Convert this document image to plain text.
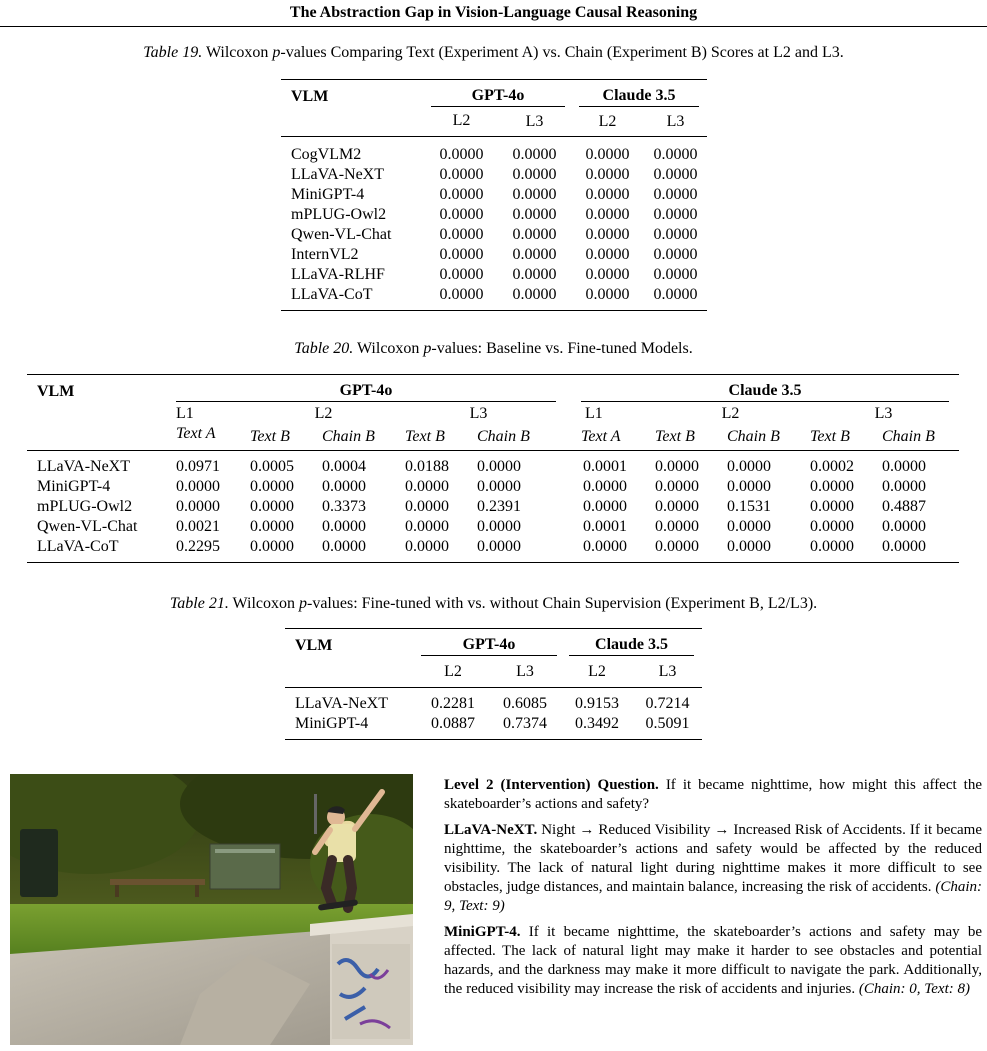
The Abstraction Gap in Vision-Language Causal Reasoning
Table 19. Wilcoxon p-values Comparing Text (Experiment A) vs. Chain (Experiment B) Scores at L2 and L3.
VLM	GPT-4o		Claude 3.5	

	L2	L3	L2	L3
CogVLM2	0.0000	0.0000	0.0000	0.0000
LLaVA-NeXT	0.0000	0.0000	0.0000	0.0000
MiniGPT-4	0.0000	0.0000	0.0000	0.0000
mPLUG-Owl2	0.0000	0.0000	0.0000	0.0000
Qwen-VL-Chat	0.0000	0.0000	0.0000	0.0000
InternVL2	0.0000	0.0000	0.0000	0.0000
LLaVA-RLHF	0.0000	0.0000	0.0000	0.0000
LLaVA-CoT	0.0000	0.0000	0.0000	0.0000
Table 20. Wilcoxon p-values: Baseline vs. Fine-tuned Models.
VLM	GPT-4o						Claude 3.5				

	L1	L2		L3			L1	L2		L3	
	Text A	Text B	Chain B	Text B	Chain B		Text A	Text B	Chain B	Text B	Chain B
LLaVA-NeXT	0.0971	0.0005	0.0004	0.0188	0.0000		0.0001	0.0000	0.0000	0.0002	0.0000
MiniGPT-4	0.0000	0.0000	0.0000	0.0000	0.0000		0.0000	0.0000	0.0000	0.0000	0.0000
mPLUG-Owl2	0.0000	0.0000	0.3373	0.0000	0.2391		0.0000	0.0000	0.1531	0.0000	0.4887
Qwen-VL-Chat	0.0021	0.0000	0.0000	0.0000	0.0000		0.0001	0.0000	0.0000	0.0000	0.0000
LLaVA-CoT	0.2295	0.0000	0.0000	0.0000	0.0000		0.0000	0.0000	0.0000	0.0000	0.0000
Table 21. Wilcoxon p-values: Fine-tuned with vs. without Chain Supervision (Experiment B, L2/L3).
VLM	GPT-4o		Claude 3.5	

	L2	L3	L2	L3
LLaVA-NeXT	0.2281	0.6085	0.9153	0.7214
MiniGPT-4	0.0887	0.7374	0.3492	0.5091

Level 2 (Intervention) Question. If it became nighttime, how might this affect the skateboarder’s actions and safety?

LLaVA-NeXT. Night → Reduced Visibility → Increased Risk of Accidents. If it became nighttime, the skateboarder’s actions and safety would be affected by the reduced visibility. The lack of natural light during nighttime makes it more difficult to see obstacles, judge distances, and maintain balance, increasing the risk of accidents. (Chain: 9, Text: 9)

MiniGPT-4. If it became nighttime, the skateboarder’s actions and safety may be affected. The lack of natural light may make it harder to see obstacles and potential hazards, and the darkness may make it more difficult to navigate the park. Additionally, the reduced visibility may increase the risk of accidents and injuries. (Chain: 0, Text: 8)
